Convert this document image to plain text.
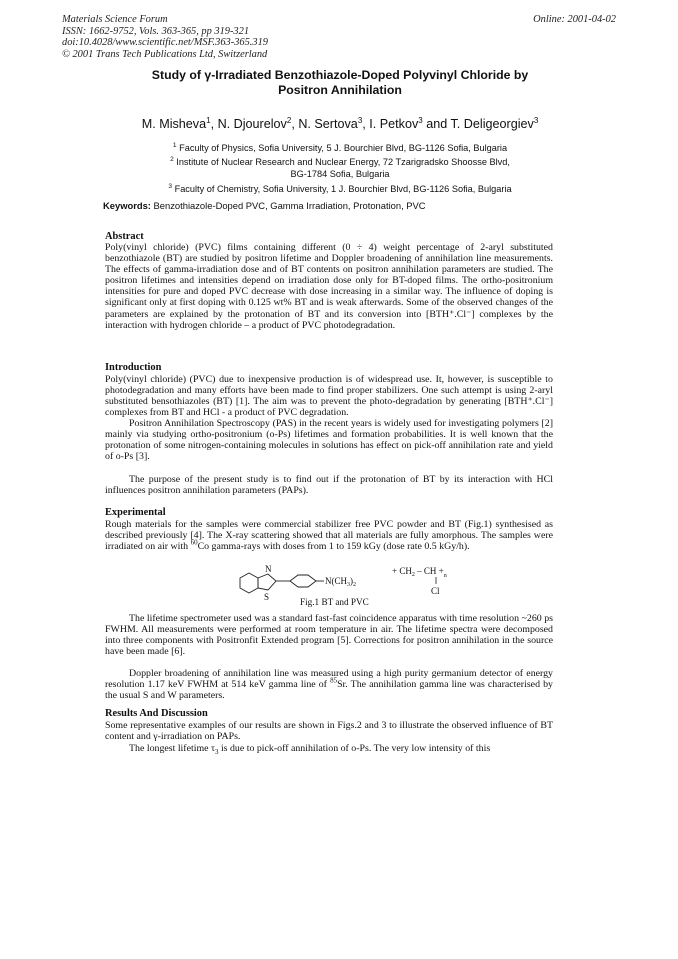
Materials Science Forum
ISSN: 1662-9752, Vols. 363-365, pp 319-321
doi:10.4028/www.scientific.net/MSF.363-365.319
© 2001 Trans Tech Publications Ltd, Switzerland
Online: 2001-04-02
Study of γ-Irradiated Benzothiazole-Doped Polyvinyl Chloride by
Positron Annihilation
M. Misheva$^1$, N. Djourelov$^2$, N. Sertova$^3$, I. Petkov$^3$ and T. Deligeorgiev$^3$
$^1$ Faculty of Physics, Sofia University, 5 J. Bourchier Blvd, BG-1126 Sofia, Bulgaria
$^2$ Institute of Nuclear Research and Nuclear Energy, 72 Tzarigradsko Shoosse Blvd,
BG-1784 Sofia, Bulgaria
$^3$ Faculty of Chemistry, Sofia University, 1 J. Bourchier Blvd, BG-1126 Sofia, Bulgaria
Keywords: Benzothiazole-Doped PVC, Gamma Irradiation, Protonation, PVC
Abstract
Poly(vinyl chloride) (PVC) films containing different (0 ÷ 4) weight percentage of 2-aryl substituted benzothiazole (BT) are studied by positron lifetime and Doppler broadening of annihilation line measurements. The effects of gamma-irradiation dose and of BT contents on positron annihilation parameters are studied. The positron lifetimes and intensities depend on irradiation dose only for BT-doped films. The ortho-positronium intensities for pure and doped PVC decrease with dose increasing in a similar way. The influence of doping is significant only at first doping with 0.125 wt% BT and is weak afterwards. Some of the observed changes of the parameters are explained by the protonation of BT and its conversion into [BTH⁺.Cl⁻] complexes by the interaction with hydrogen chloride – a product of PVC photodegradation.
Introduction
Poly(vinyl chloride) (PVC) due to inexpensive production is of widespread use. It, however, is susceptible to photodegradation and many efforts have been made to find proper stabilizers. One such attempt is using 2-aryl substituted bensothiazoles (BT) [1]. The aim was to prevent the photo-degradation by generating [BTH⁺.Cl⁻] complexes from BT and HCl - a product of PVC degradation.
Positron Annihilation Spectroscopy (PAS) in the recent years is widely used for investigating polymers [2] mainly via studying ortho-positronium (o-Ps) lifetimes and formation probabilities. It is well known that the protonation of some nitrogen-containing molecules in solutions has effect on pick-off annihilation rate and yield of o-Ps [3].
The purpose of the present study is to find out if the protonation of BT by its interaction with HCl influences positron annihilation parameters (PAPs).
Experimental
Rough materials for the samples were commercial stabilizer free PVC powder and BT (Fig.1) synthesised as described previously [4]. The X-ray scattering showed that all materials are fully amorphous. The samples were irradiated on air with $^{60}$Co gamma-rays with doses from 1 to 159 kGy (dose rate 0.5 kGy/h).
N
S
$N(CH_3)_2$
+ $CH_2$ – CH $+_n$
Cl
Fig.1 BT and PVC
The lifetime spectrometer used was a standard fast-fast coincidence apparatus with time resolution ~260 ps FWHM. All measurements were performed at room temperature in air. The lifetime spectra were decomposed into three components with Positronfit Extended program [5]. Corrections for positron annihilation in the source have been made [6].
Doppler broadening of annihilation line was measured using a high purity germanium detector of energy resolution 1.17 keV FWHM at 514 keV gamma line of $^{85}$Sr. The annihilation gamma line was characterised by the usual S and W parameters.
Results And Discussion
Some representative examples of our results are shown in Figs.2 and 3 to illustrate the observed influence of BT content and γ-irradiation on PAPs.
The longest lifetime $\tau_3$ is due to pick-off annihilation of o-Ps. The very low intensity of this
